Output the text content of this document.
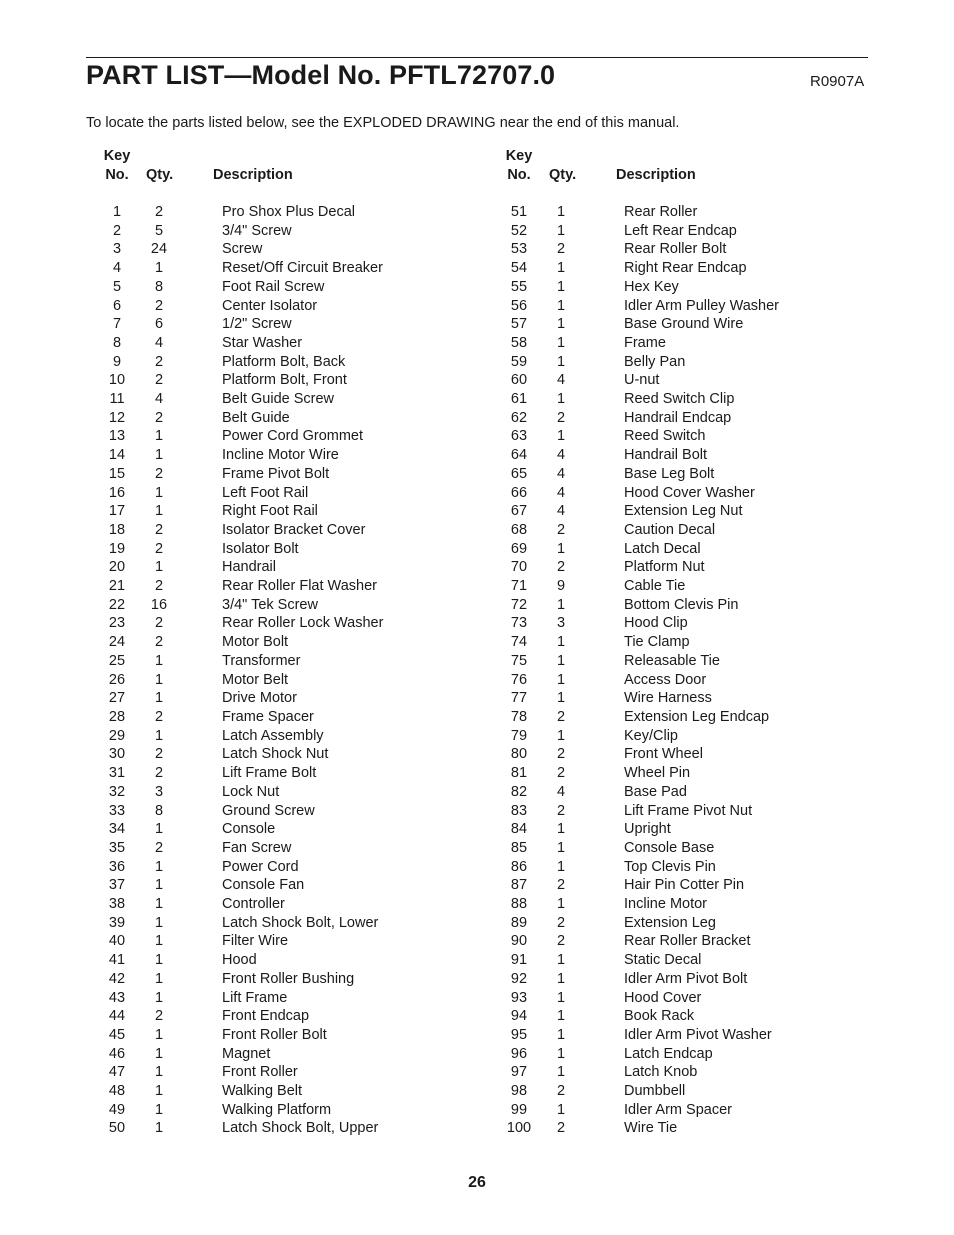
PART LIST—Model No. PFTL72707.0	R0907A
To locate the parts listed below, see the EXPLODED DRAWING near the end of this manual.
Key
No.	Qty.	Description
Key
No.	Qty.	Description
1	2	Pro Shox Plus Decal
2	5	3/4" Screw
3	24	Screw
4	1	Reset/Off Circuit Breaker
5	8	Foot Rail Screw
6	2	Center Isolator
7	6	1/2" Screw
8	4	Star Washer
9	2	Platform Bolt, Back
10	2	Platform Bolt, Front
11	4	Belt Guide Screw
12	2	Belt Guide
13	1	Power Cord Grommet
14	1	Incline Motor Wire
15	2	Frame Pivot Bolt
16	1	Left Foot Rail
17	1	Right Foot Rail
18	2	Isolator Bracket Cover
19	2	Isolator Bolt
20	1	Handrail
21	2	Rear Roller Flat Washer
22	16	3/4" Tek Screw
23	2	Rear Roller Lock Washer
24	2	Motor Bolt
25	1	Transformer
26	1	Motor Belt
27	1	Drive Motor
28	2	Frame Spacer
29	1	Latch Assembly
30	2	Latch Shock Nut
31	2	Lift Frame Bolt
32	3	Lock Nut
33	8	Ground Screw
34	1	Console
35	2	Fan Screw
36	1	Power Cord
37	1	Console Fan
38	1	Controller
39	1	Latch Shock Bolt, Lower
40	1	Filter Wire
41	1	Hood
42	1	Front Roller Bushing
43	1	Lift Frame
44	2	Front Endcap
45	1	Front Roller Bolt
46	1	Magnet
47	1	Front Roller
48	1	Walking Belt
49	1	Walking Platform
50	1	Latch Shock Bolt, Upper
51	1	Rear Roller
52	1	Left Rear Endcap
53	2	Rear Roller Bolt
54	1	Right Rear Endcap
55	1	Hex Key
56	1	Idler Arm Pulley Washer
57	1	Base Ground Wire
58	1	Frame
59	1	Belly Pan
60	4	U-nut
61	1	Reed Switch Clip
62	2	Handrail Endcap
63	1	Reed Switch
64	4	Handrail Bolt
65	4	Base Leg Bolt
66	4	Hood Cover Washer
67	4	Extension Leg Nut
68	2	Caution Decal
69	1	Latch Decal
70	2	Platform Nut
71	9	Cable Tie
72	1	Bottom Clevis Pin
73	3	Hood Clip
74	1	Tie Clamp
75	1	Releasable Tie
76	1	Access Door
77	1	Wire Harness
78	2	Extension Leg Endcap
79	1	Key/Clip
80	2	Front Wheel
81	2	Wheel Pin
82	4	Base Pad
83	2	Lift Frame Pivot Nut
84	1	Upright
85	1	Console Base
86	1	Top Clevis Pin
87	2	Hair Pin Cotter Pin
88	1	Incline Motor
89	2	Extension Leg
90	2	Rear Roller Bracket
91	1	Static Decal
92	1	Idler Arm Pivot Bolt
93	1	Hood Cover
94	1	Book Rack
95	1	Idler Arm Pivot Washer
96	1	Latch Endcap
97	1	Latch Knob
98	2	Dumbbell
99	1	Idler Arm Spacer
100	2	Wire Tie
26
